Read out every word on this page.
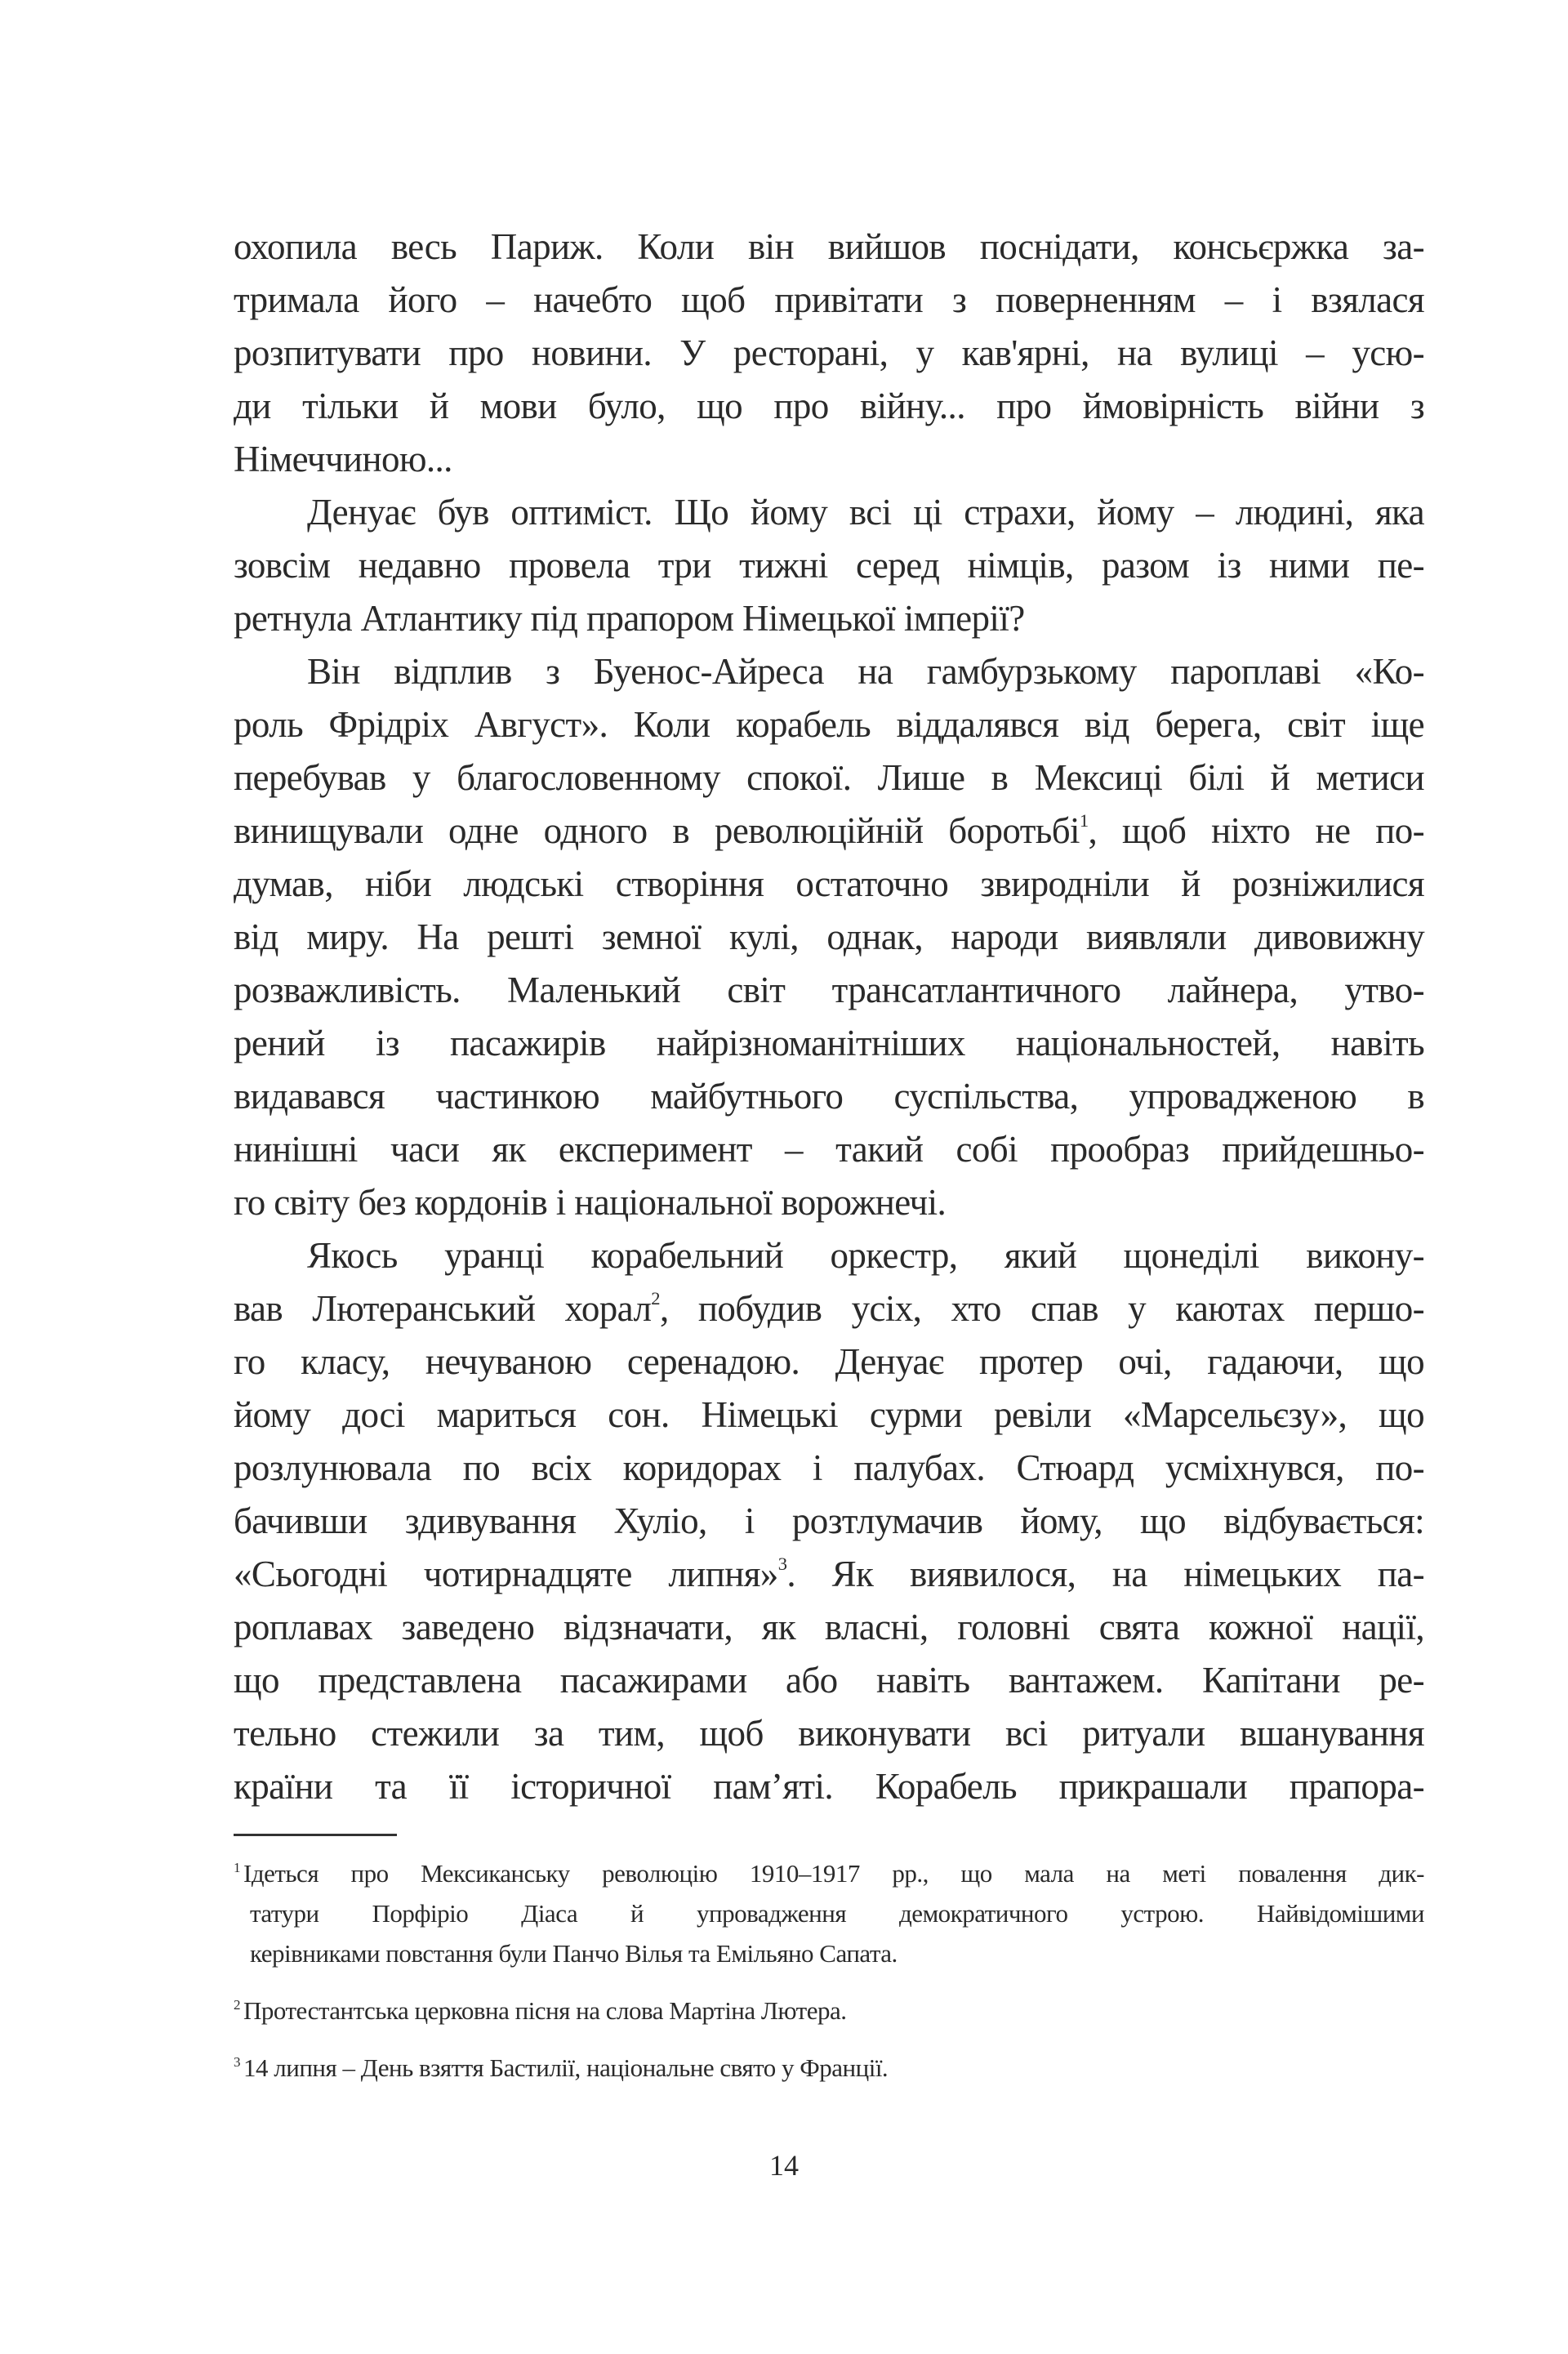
охопила весь Париж. Коли він вийшов поснідати, консьєржка за-
тримала його – начебто щоб привітати з поверненням – і взялася
розпитувати про новини. У ресторані, у кав'ярні, на вулиці – усю-
ди тільки й мови було, що про війну... про ймовірність війни з
Німеччиною...
Денуає був оптиміст. Що йому всі ці страхи, йому – людині, яка
зовсім недавно провела три тижні серед німців, разом із ними пе-
ретнула Атлантику під прапором Німецької імперії?
Він відплив з Буенос-Айреса на гамбурзькому пароплаві «Ко-
роль Фрідріх Август». Коли корабель віддалявся від берега, світ іще
перебував у благословенному спокої. Лише в Мексиці білі й метиси
винищували одне одного в революційній боротьбі$^1$, щоб ніхто не по-
думав, ніби людські створіння остаточно звиродніли й розніжилися
від миру. На решті земної кулі, однак, народи виявляли дивовижну
розважливість. Маленький світ трансатлантичного лайнера, утво-
рений із пасажирів найрізноманітніших національностей, навіть
видавався частинкою майбутнього суспільства, упровадженою в
нинішні часи як експеримент – такий собі прообраз прийдешньо-
го світу без кордонів і національної ворожнечі.
Якось уранці корабельний оркестр, який щонеділі викону-
вав Лютеранський хорал$^2$, побудив усіх, хто спав у каютах першо-
го класу, нечуваною серенадою. Денуає протер очі, гадаючи, що
йому досі мариться сон. Німецькі сурми ревіли «Марсельєзу», що
розлунювала по всіх коридорах і палубах. Стюард усміхнувся, по-
бачивши здивування Хуліо, і розтлумачив йому, що відбувається:
«Сьогодні чотирнадцяте липня»$^3$. Як виявилося, на німецьких па-
роплавах заведено відзначати, як власні, головні свята кожної нації,
що представлена пасажирами або навіть вантажем. Капітани ре-
тельно стежили за тим, щоб виконувати всі ритуали вшанування
країни та її історичної пам’яті. Корабель прикрашали прапора-
$^1$ Ідеться про Мексиканську революцію 1910–1917 рр., що мала на меті повалення дик-
татури Порфіріо Діаса й упровадження демократичного устрою. Найвідомішими
керівниками повстання були Панчо Вілья та Емільяно Сапата.
$^2$ Протестантська церковна пісня на слова Мартіна Лютера.
$^3$ 14 липня – День взяття Бастилії, національне свято у Франції.
14
